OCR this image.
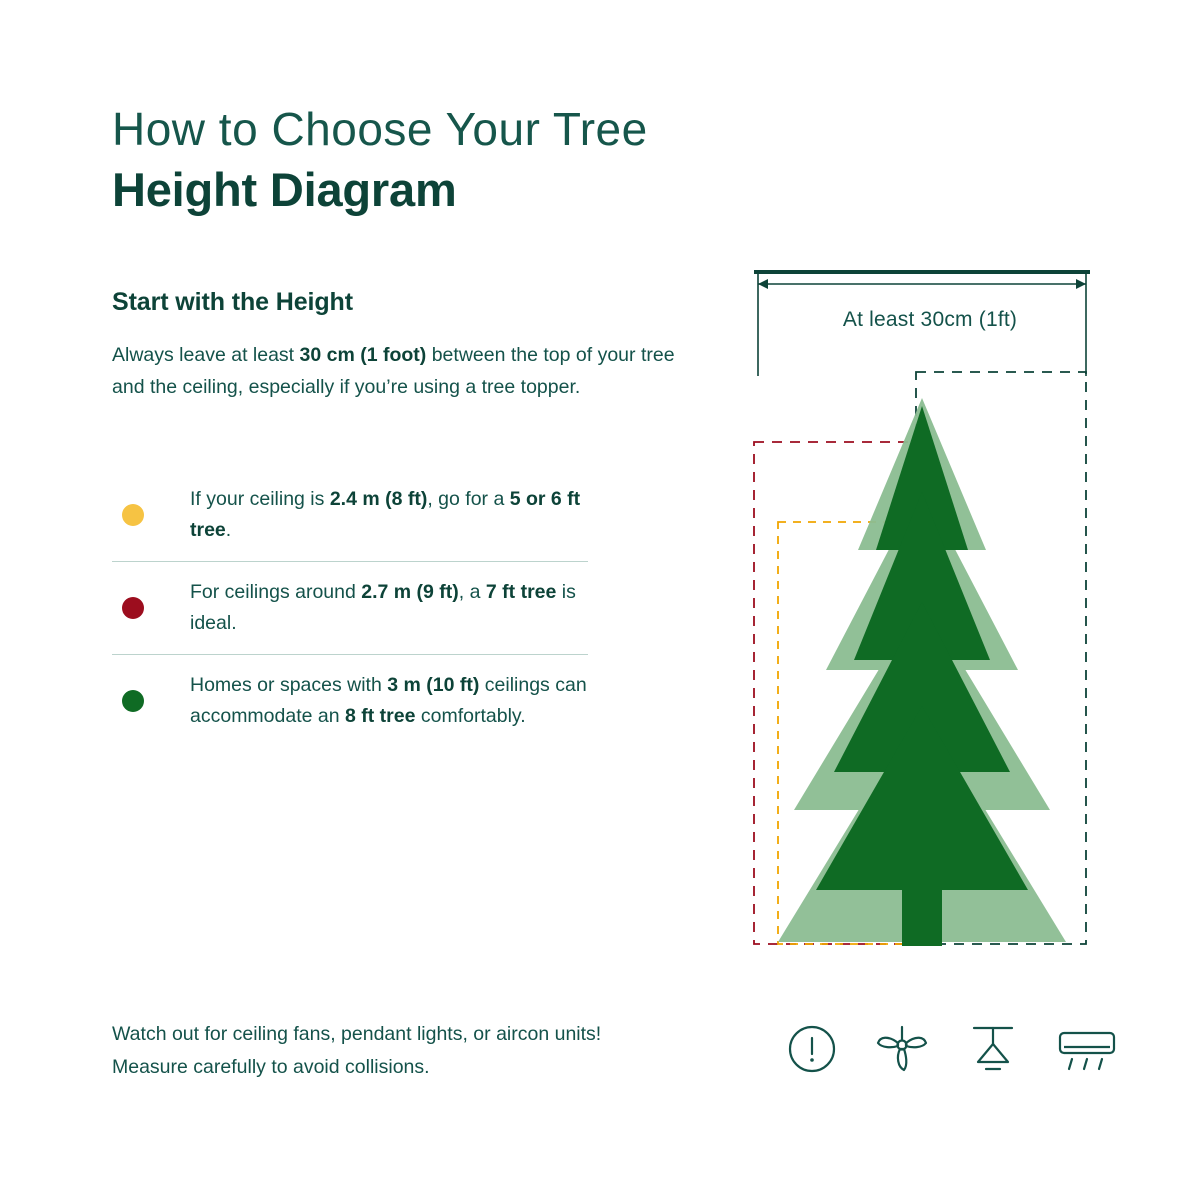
How to Choose Your Tree
Height Diagram
Start with the Height

Always leave at least 30 cm (1 foot) between the top of your tree and the ceiling, especially if you’re using a tree topper.

If your ceiling is 2.4 m (8 ft), go for a 5 or 6 ft tree.
For ceilings around 2.7 m (9 ft), a 7 ft tree is ideal.
Homes or spaces with 3 m (10 ft) ceilings can accommodate an 8 ft tree comfortably.
Watch out for ceiling fans, pendant lights, or aircon units!
Measure carefully to avoid collisions.
At least 30cm (1ft)
